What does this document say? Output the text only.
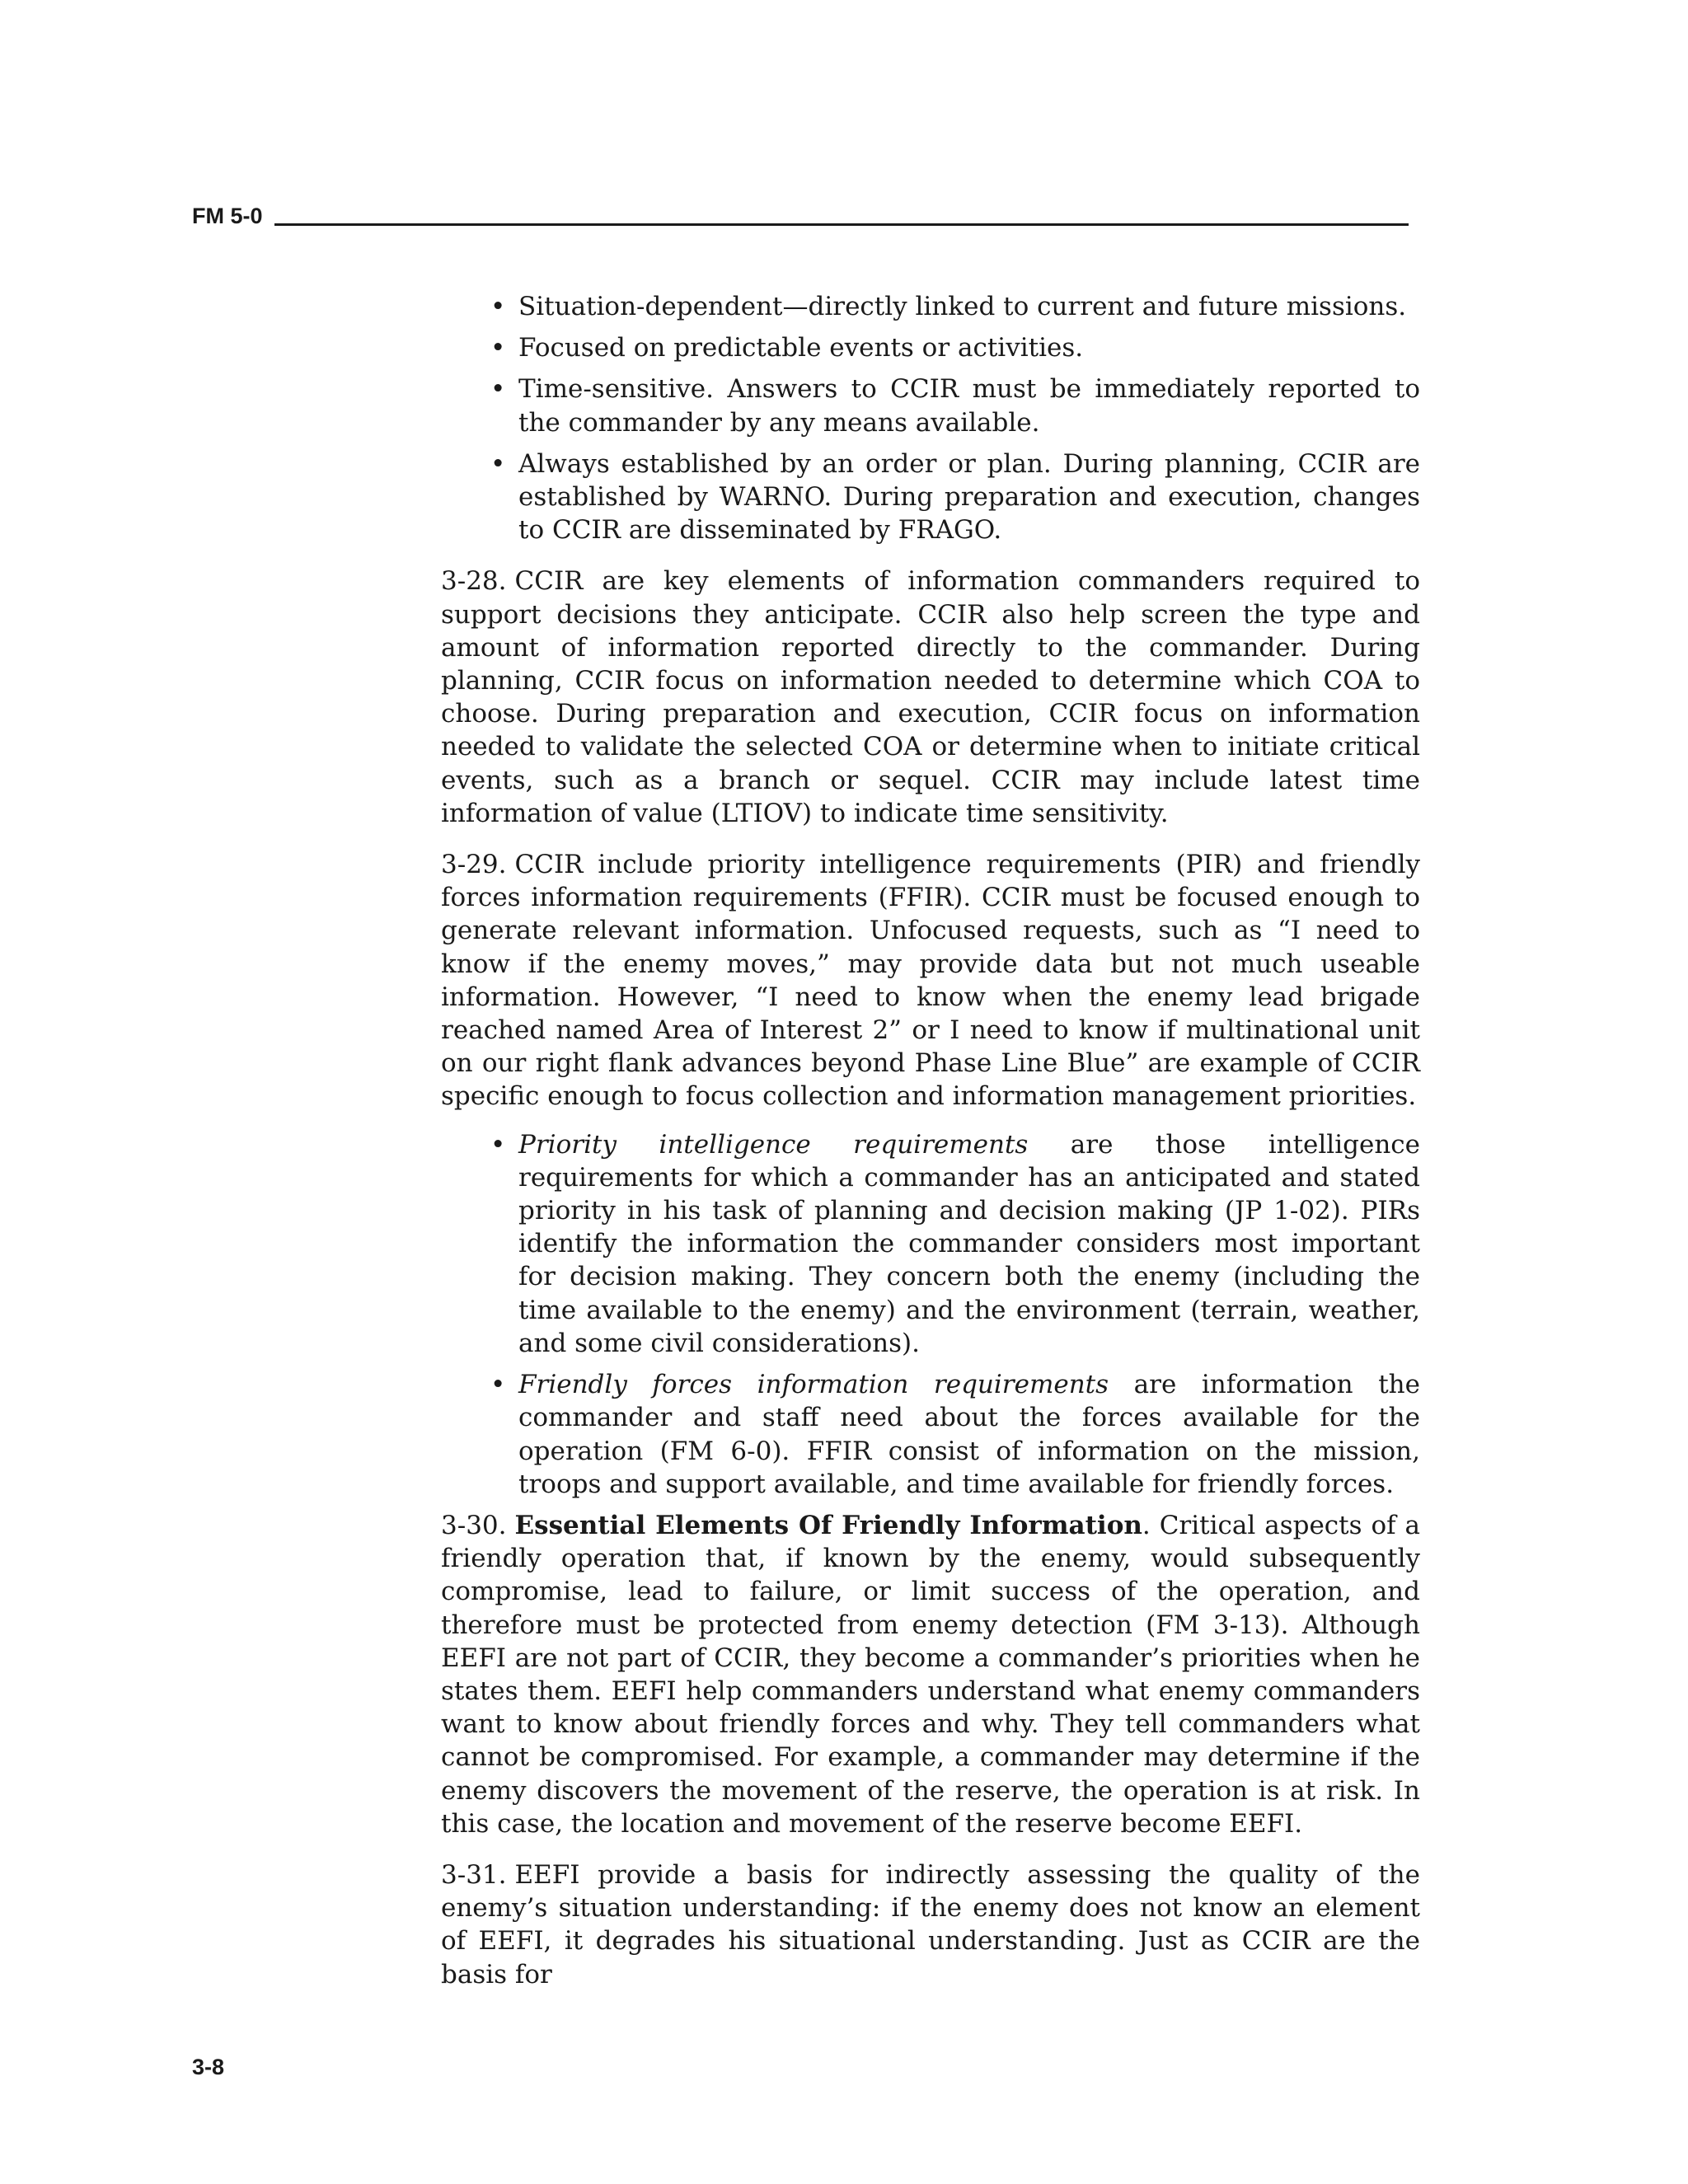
FM 5-0
• Situation-dependent—directly linked to current and future missions.
• Focused on predictable events or activities.
• Time-sensitive. Answers to CCIR must be immediately reported to the commander by any means available.
• Always established by an order or plan. During planning, CCIR are established by WARNO. During preparation and execution, changes to CCIR are disseminated by FRAGO.

3-28. CCIR are key elements of information commanders required to support decisions they anticipate. CCIR also help screen the type and amount of information reported directly to the commander. During planning, CCIR focus on information needed to determine which COA to choose. During preparation and execution, CCIR focus on information needed to validate the selected COA or determine when to initiate critical events, such as a branch or sequel. CCIR may include latest time information of value (LTIOV) to indicate time sensitivity.

3-29. CCIR include priority intelligence requirements (PIR) and friendly forces information requirements (FFIR). CCIR must be focused enough to generate relevant information. Unfocused requests, such as “I need to know if the enemy moves,” may provide data but not much useable information. However, “I need to know when the enemy lead brigade reached named Area of Interest 2” or I need to know if multinational unit on our right flank advances beyond Phase Line Blue” are example of CCIR specific enough to focus collection and information management priorities.

• Priority intelligence requirements are those intelligence requirements for which a commander has an anticipated and stated priority in his task of planning and decision making (JP 1-02). PIRs identify the information the commander considers most important for decision making. They concern both the enemy (including the time available to the enemy) and the environment (terrain, weather, and some civil considerations).
• Friendly forces information requirements are information the commander and staff need about the forces available for the operation (FM 6-0). FFIR consist of information on the mission, troops and support available, and time available for friendly forces.

3-30. Essential Elements Of Friendly Information. Critical aspects of a friendly operation that, if known by the enemy, would subsequently compromise, lead to failure, or limit success of the operation, and therefore must be protected from enemy detection (FM 3-13). Although EEFI are not part of CCIR, they become a commander’s priorities when he states them. EEFI help commanders understand what enemy commanders want to know about friendly forces and why. They tell commanders what cannot be compromised. For example, a commander may determine if the enemy discovers the movement of the reserve, the operation is at risk. In this case, the location and movement of the reserve become EEFI.

3-31. EEFI provide a basis for indirectly assessing the quality of the enemy’s situation understanding: if the enemy does not know an element of EEFI, it degrades his situational understanding. Just as CCIR are the basis for

3-8
